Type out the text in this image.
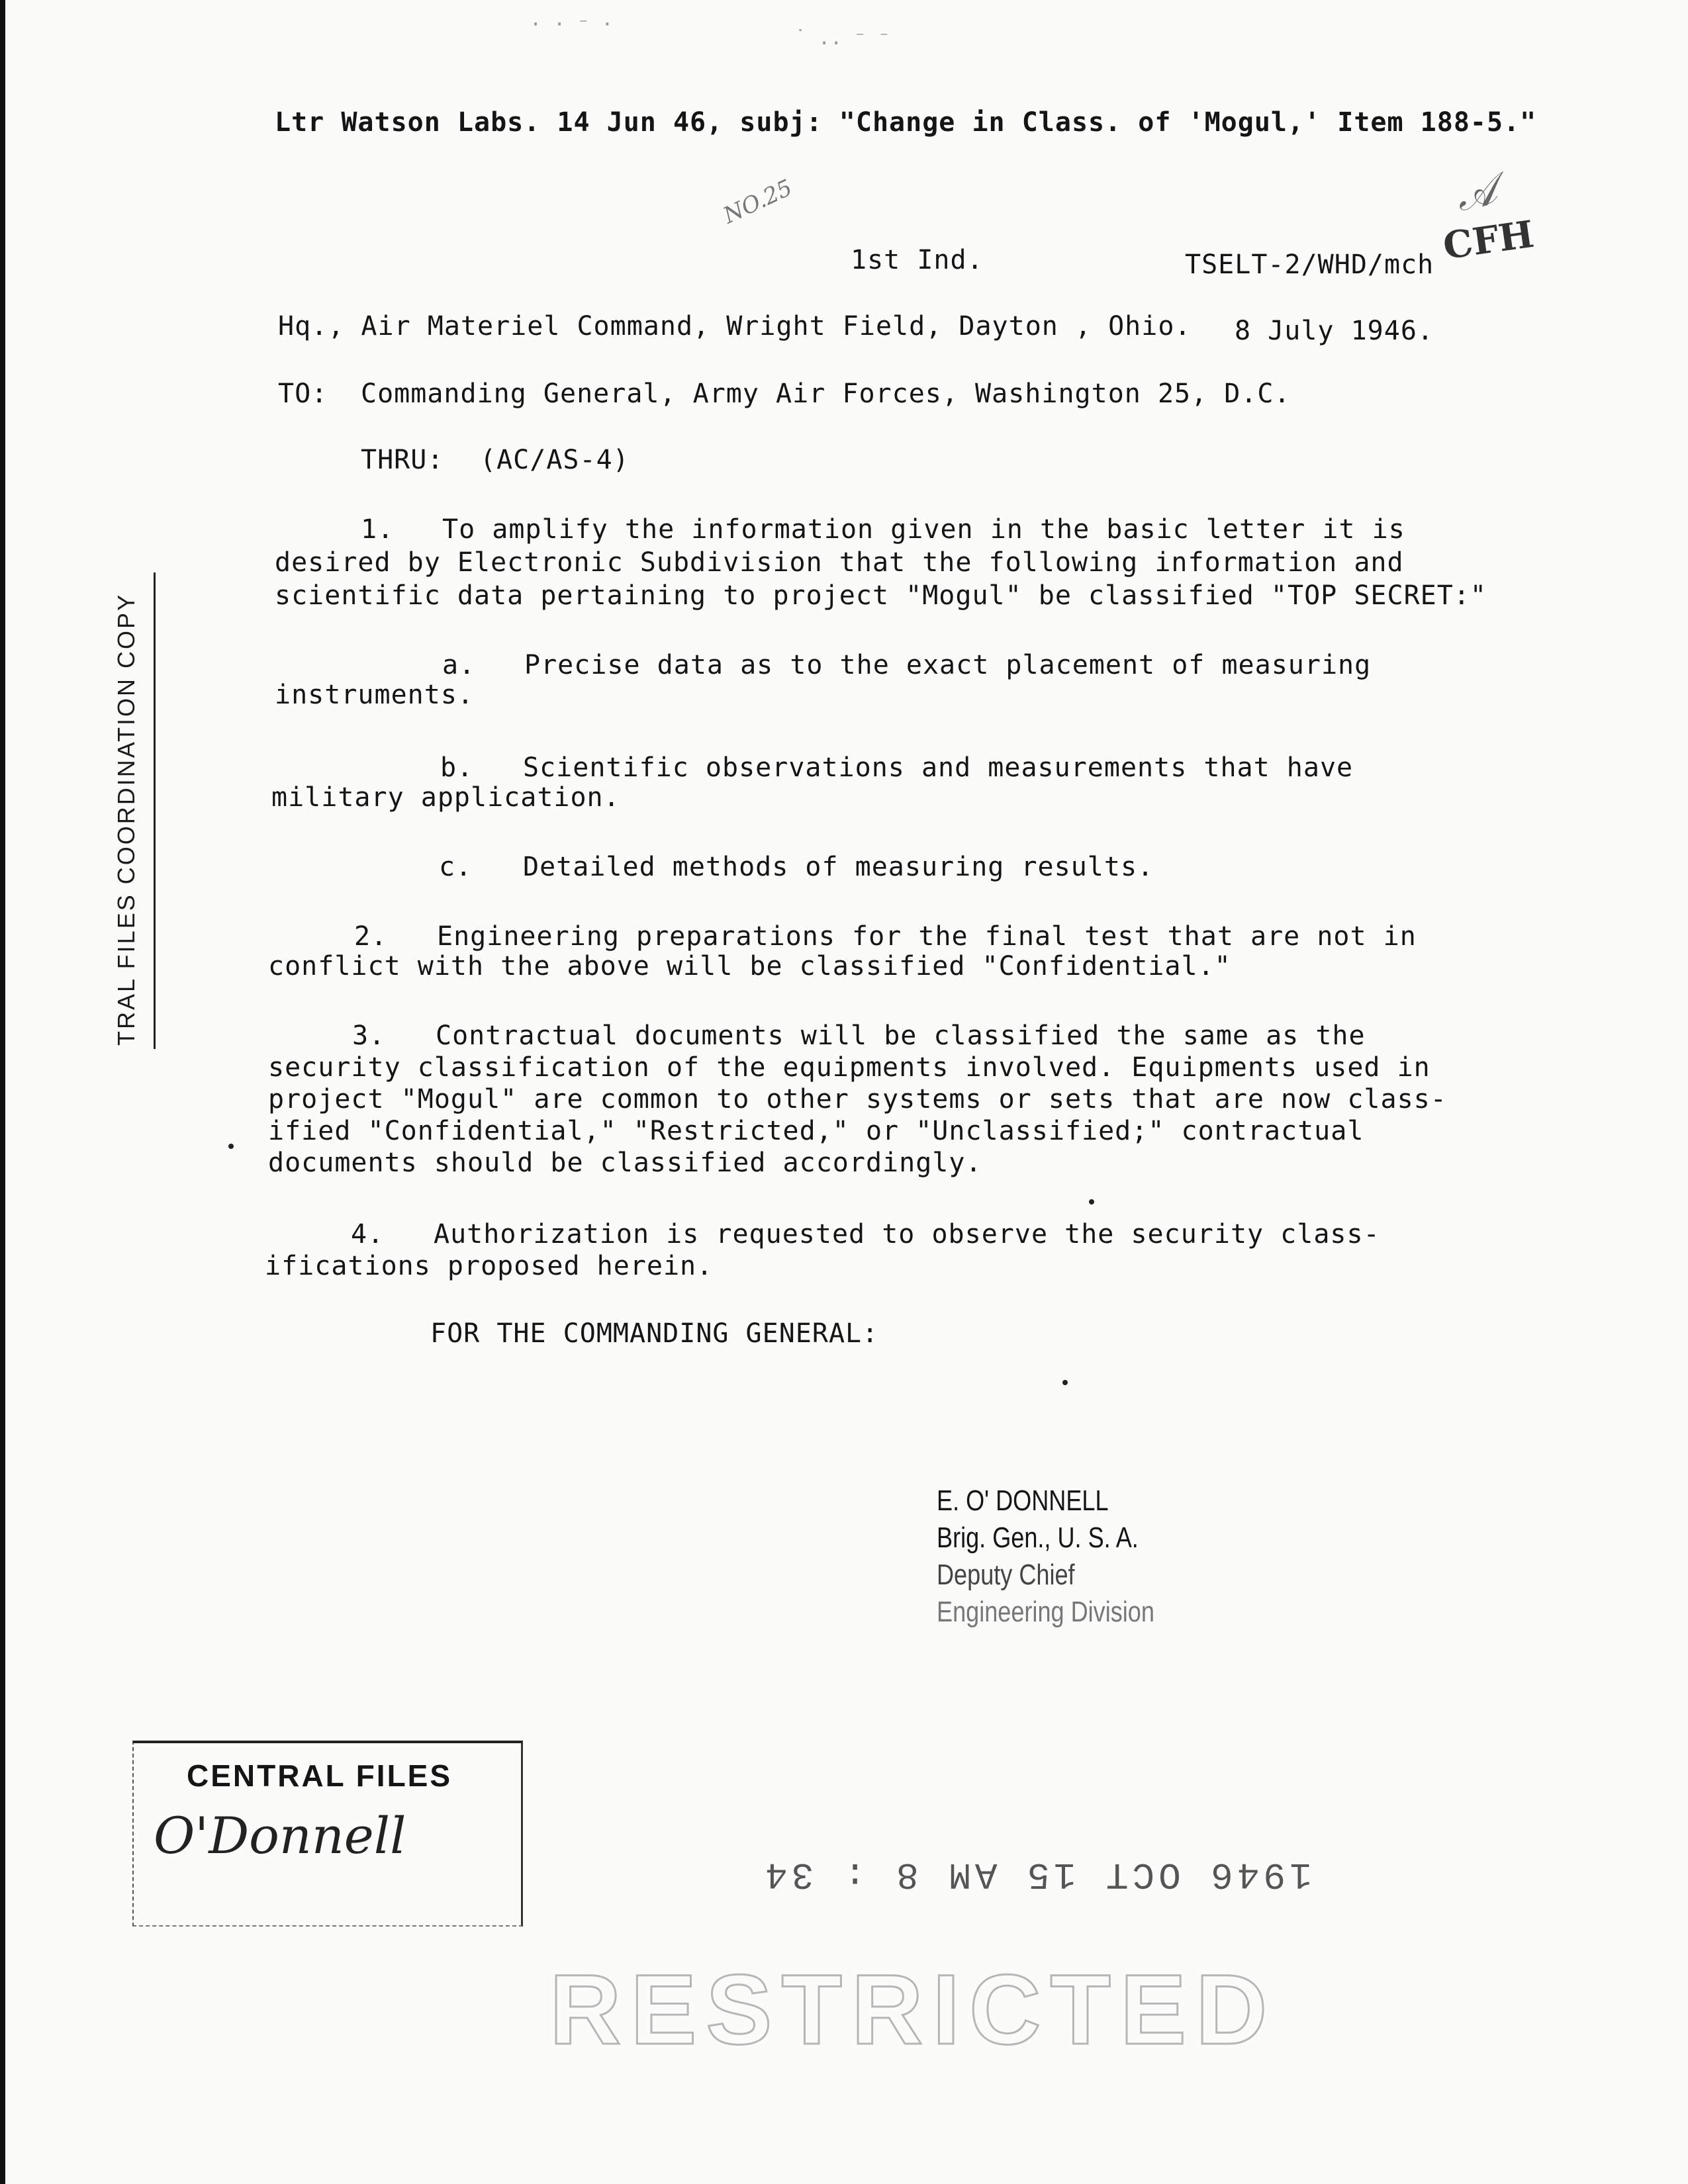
· · ⁻ ·
˙ .. ⁻ ⁻
Ltr Watson Labs. 14 Jun 46, subj: "Change in Class. of 'Mogul,' Item 188-5."
NO.25
CFH
𝒜
1st Ind.	TSELT-2/WHD/mch
Hq., Air Materiel Command, Wright Field, Dayton , Ohio. 8 July 1946.
TO: Commanding General, Army Air Forces, Washington 25, D.C.
THRU: (AC/AS-4)
1. To amplify the information given in the basic letter it is
desired by Electronic Subdivision that the following information and
scientific data pertaining to project "Mogul" be classified "TOP SECRET:"
a. Precise data as to the exact placement of measuring
instruments.
b. Scientific observations and measurements that have
military application.
c. Detailed methods of measuring results.
2. Engineering preparations for the final test that are not in
conflict with the above will be classified "Confidential."
3. Contractual documents will be classified the same as the
security classification of the equipments involved. Equipments used in
project "Mogul" are common to other systems or sets that are now class-
ified "Confidential," "Restricted," or "Unclassified;" contractual
documents should be classified accordingly.
4. Authorization is requested to observe the security class-
ifications proposed herein.
FOR THE COMMANDING GENERAL:
TRAL FILES COORDINATION COPY
E. O' DONNELL
Brig. Gen., U. S. A.
Deputy Chief
Engineering Division
CENTRAL FILES
O'Donnell
1946 OCT 15 AM 8 : 34
RESTRICTED
